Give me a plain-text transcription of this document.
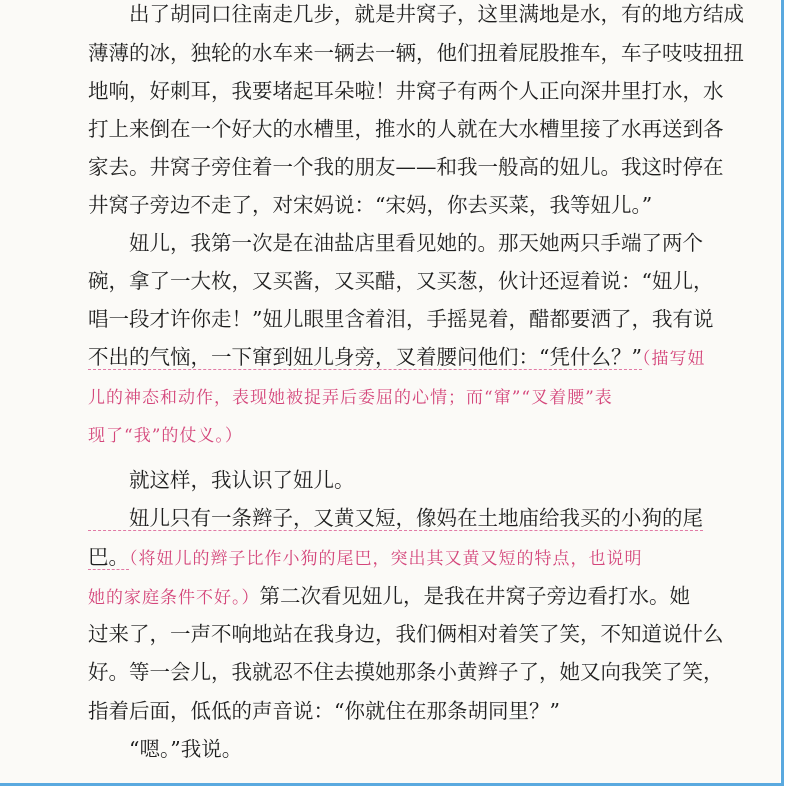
　　出了胡同口往南走几步，就是井窝子，这里满地是水，有的地方结成
薄薄的冰，独轮的水车来一辆去一辆，他们扭着屁股推车，车子吱吱扭扭
地响，好刺耳，我要堵起耳朵啦！井窝子有两个人正向深井里打水，水
打上来倒在一个好大的水槽里，推水的人就在大水槽里接了水再送到各
家去。井窝子旁住着一个我的朋友——和我一般高的妞儿。我这时停在
井窝子旁边不走了，对宋妈说：“宋妈，你去买菜，我等妞儿。”
　　妞儿，我第一次是在油盐店里看见她的。那天她两只手端了两个
碗，拿了一大枚，又买酱，又买醋，又买葱，伙计还逗着说：“妞儿，
唱一段才许你走！”妞儿眼里含着泪，手摇晃着，醋都要洒了，我有说
不出的气恼，一下窜到妞儿身旁，叉着腰问他们：“凭什么？”（描写妞
儿的神态和动作，表现她被捉弄后委屈的心情；而“窜”“叉着腰”表
现了“我”的仗义。）
　　就这样，我认识了妞儿。
　　妞儿只有一条辫子，又黄又短，像妈在土地庙给我买的小狗的尾
巴。（将妞儿的辫子比作小狗的尾巴，突出其又黄又短的特点，也说明
她的家庭条件不好。）第二次看见妞儿，是我在井窝子旁边看打水。她
过来了，一声不响地站在我身边，我们俩相对着笑了笑，不知道说什么
好。等一会儿，我就忍不住去摸她那条小黄辫子了，她又向我笑了笑，
指着后面，低低的声音说：“你就住在那条胡同里？”
　　“嗯。”我说。
